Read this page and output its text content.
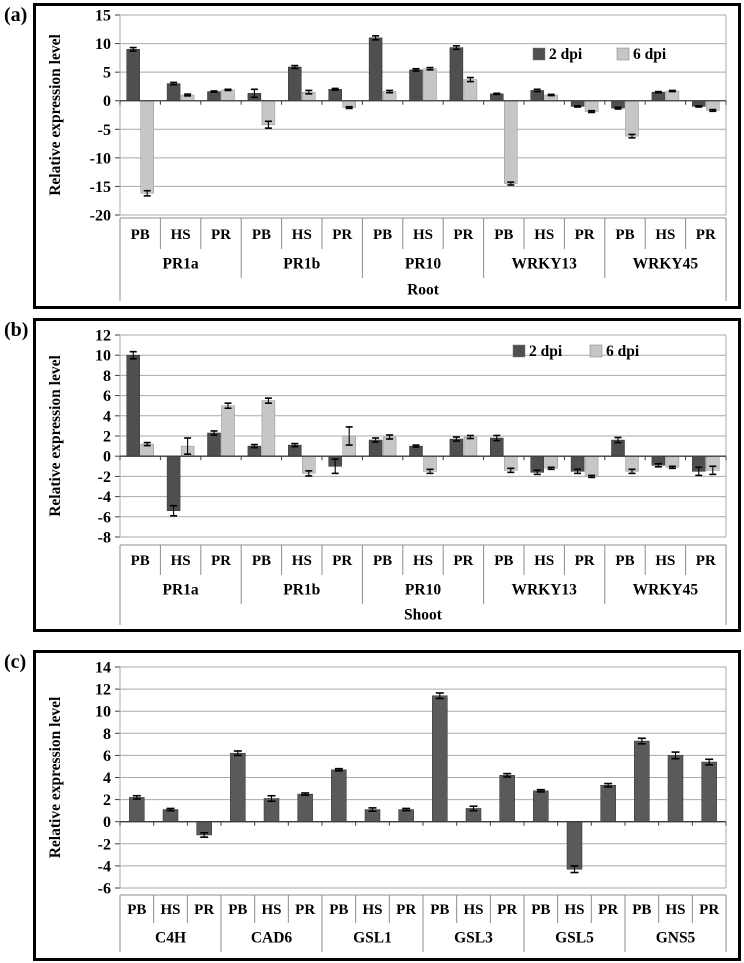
(a)
(b)
(c)
-20
-15
-10
-5
0
5
10
15
PB HS PR PB HS PR PB HS PR PB HS PR PB HS PR
PR1a	PR1b	PR10	WRKY13	WRKY45
Root
2 dpi	6 dpi
Relative expression level
-8
-6
-4
-2
0
2
4
6
8
10
12
PB HS PR PB HS PR PB HS PR PB HS PR PB HS PR
PR1a	PR1b	PR10	WRKY13	WRKY45
Shoot
2 dpi	6 dpi
Relative expression level
-6
-4
-2
0
2
4
6
8
10
12
14
PB HS PR PB HS PR PB HS PR PB HS PR PB HS PR PB HS PR
C4H	CAD6	GSL1	GSL3	GSL5	GNS5
Relative expression level
